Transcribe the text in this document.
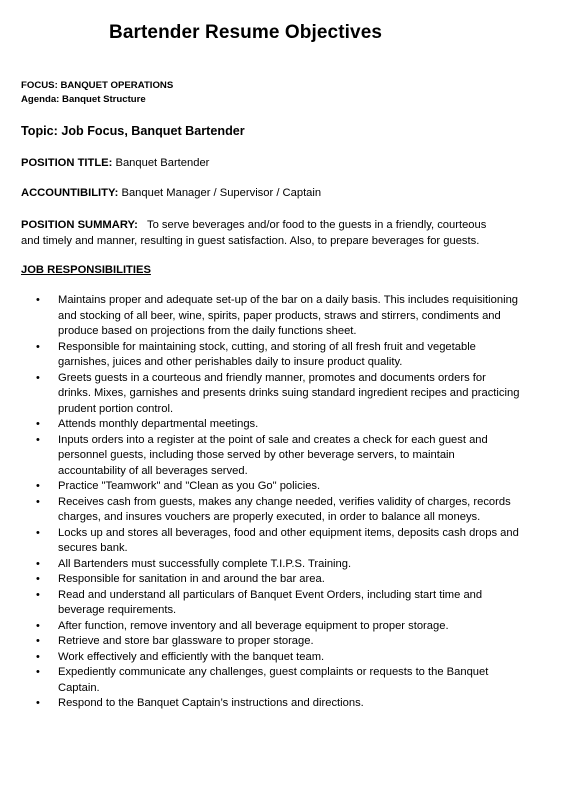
Bartender Resume Objectives
FOCUS: BANQUET OPERATIONS
Agenda: Banquet Structure
Topic: Job Focus, Banquet Bartender
POSITION TITLE: Banquet Bartender
ACCOUNTIBILITY: Banquet Manager / Supervisor / Captain
POSITION SUMMARY: To serve beverages and/or food to the guests in a friendly, courteous and timely and manner, resulting in guest satisfaction. Also, to prepare beverages for guests.
JOB RESPONSIBILITIES
• Maintains proper and adequate set-up of the bar on a daily basis. This includes requisitioning and stocking of all beer, wine, spirits, paper products, straws and stirrers, condiments and produce based on projections from the daily functions sheet.
• Responsible for maintaining stock, cutting, and storing of all fresh fruit and vegetable garnishes, juices and other perishables daily to insure product quality.
• Greets guests in a courteous and friendly manner, promotes and documents orders for drinks. Mixes, garnishes and presents drinks suing standard ingredient recipes and practicing prudent portion control.
• Attends monthly departmental meetings.
• Inputs orders into a register at the point of sale and creates a check for each guest and personnel guests, including those served by other beverage servers, to maintain accountability of all beverages served.
• Practice "Teamwork" and "Clean as you Go" policies.
• Receives cash from guests, makes any change needed, verifies validity of charges, records charges, and insures vouchers are properly executed, in order to balance all moneys.
• Locks up and stores all beverages, food and other equipment items, deposits cash drops and secures bank.
• All Bartenders must successfully complete T.I.P.S. Training.
• Responsible for sanitation in and around the bar area.
• Read and understand all particulars of Banquet Event Orders, including start time and beverage requirements.
• After function, remove inventory and all beverage equipment to proper storage.
• Retrieve and store bar glassware to proper storage.
• Work effectively and efficiently with the banquet team.
• Expediently communicate any challenges, guest complaints or requests to the Banquet Captain.
• Respond to the Banquet Captain’s instructions and directions.
